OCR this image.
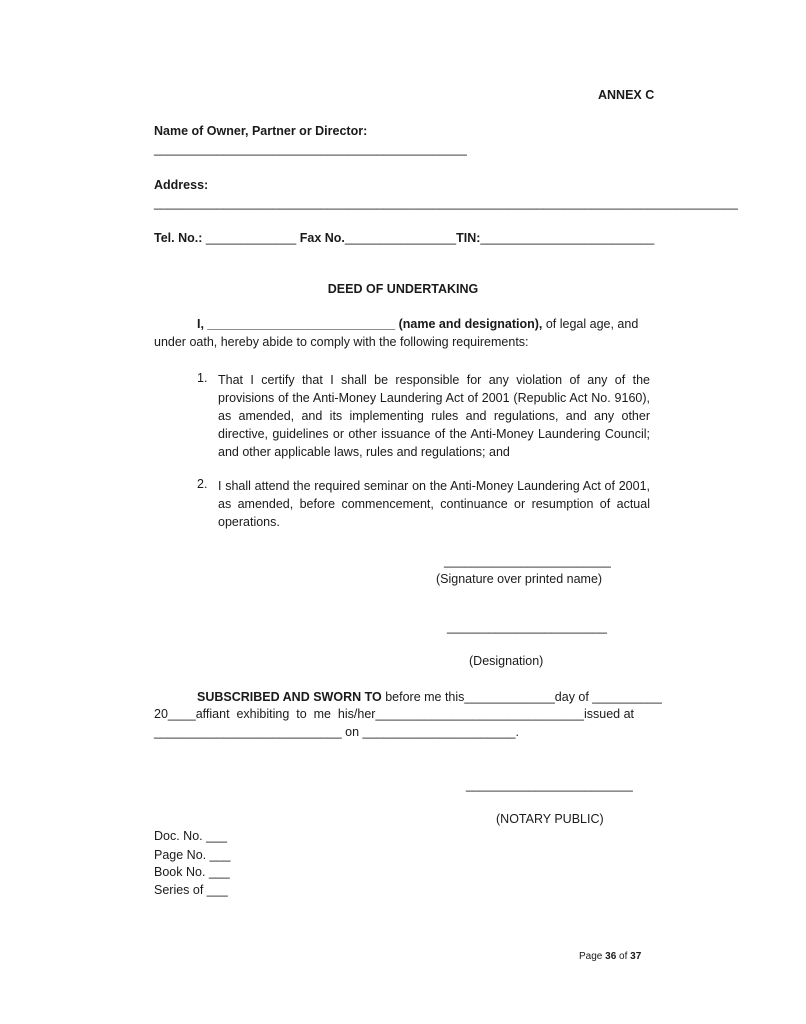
ANNEX C
Name of Owner, Partner or Director:
_____________________________________________
Address:
____________________________________________________________________________________
Tel. No.: _____________ Fax No.________________TIN:_________________________
DEED OF UNDERTAKING
I, ___________________________ (name and designation), of legal age, and
under oath, hereby abide to comply with the following requirements:
1. That I certify that I shall be responsible for any violation of any of the provisions of the Anti-Money Laundering Act of 2001 (Republic Act No. 9160), as amended, and its implementing rules and regulations, and any other directive, guidelines or other issuance of the Anti-Money Laundering Council; and other applicable laws, rules and regulations; and
2. I shall attend the required seminar on the Anti-Money Laundering Act of 2001, as amended, before commencement, continuance or resumption of actual operations.
________________________
(Signature over printed name)
_______________________
(Designation)
SUBSCRIBED AND SWORN TO before me this_____________day of __________
20____affiant  exhibiting  to  me  his/her______________________________issued at
___________________________ on ______________________.
________________________
(NOTARY PUBLIC)
Doc. No. ___
Page No. ___
Book No. ___
Series of ___
Page 36 of 37
